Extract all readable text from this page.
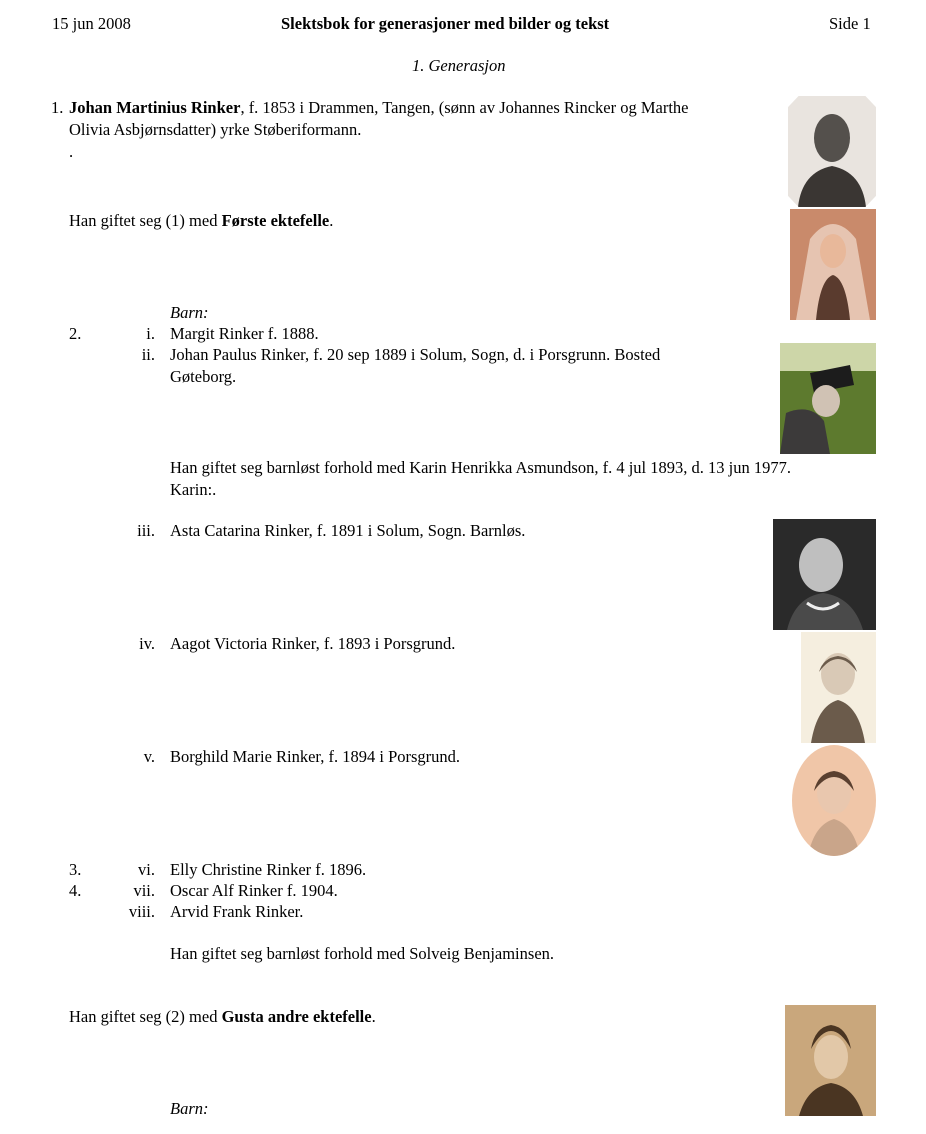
15 jun 2008	Slektsbok for generasjoner med bilder og tekst	Side 1
1. Generasjon
1. Johan Martinius Rinker, f. 1853 i Drammen, Tangen, (sønn av Johannes Rincker og Marthe
Olivia Asbjørnsdatter) yrke Støberiformann.
.
Han giftet seg (1) med Første ektefelle.
Barn:
2.	i. Margit Rinker f. 1888.
ii. Johan Paulus Rinker, f. 20 sep 1889 i Solum, Sogn, d. i Porsgrunn. Bosted
Gøteborg.
Han giftet seg barnløst forhold med Karin Henrikka Asmundson, f. 4 jul 1893, d. 13 jun 1977.
Karin:.
iii. Asta Catarina Rinker, f. 1891 i Solum, Sogn. Barnløs.
iv. Aagot Victoria Rinker, f. 1893 i Porsgrund.
v. Borghild Marie Rinker, f. 1894 i Porsgrund.
3.	vi. Elly Christine Rinker f. 1896.
4.	vii. Oscar Alf Rinker f. 1904.
viii. Arvid Frank Rinker.
Han giftet seg barnløst forhold med Solveig Benjaminsen.
Han giftet seg (2) med Gusta andre ektefelle.
Barn:
